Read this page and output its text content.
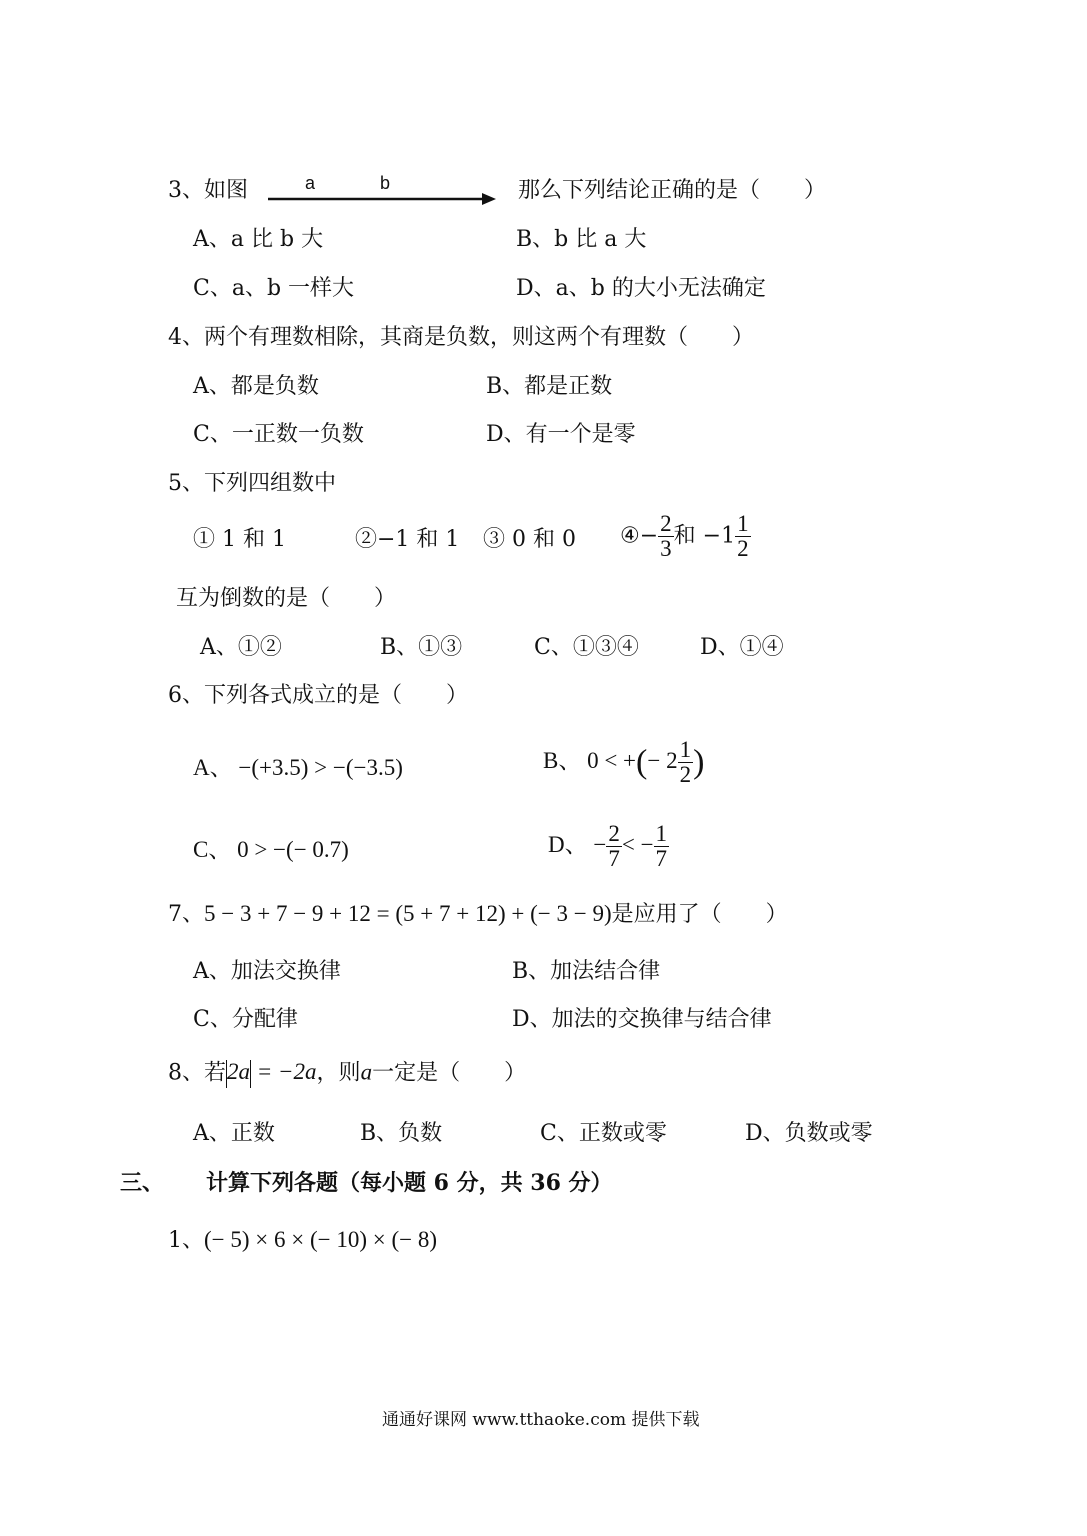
3、如图	a	b	那么下列结论正确的是（　　）
A、a 比 b 大	B、b 比 a 大
C、a、b 一样大	D、a、b 的大小无法确定
4、两个有理数相除，其商是负数，则这两个有理数（　　）
A、都是负数	B、都是正数
C、一正数一负数	D、有一个是零
5、下列四组数中
① 1 和 1	②−1 和 1 ③ 0 和 0 ④− $\frac{2}{3}$ 和 $-1 \frac{1}{2}$
互为倒数的是（　　）
A、①②	B、①③	C、①③④	D、①④
6、下列各式成立的是（　　）
A、 −(+3.5) > −(−3.5)	B、 0 < +(− $2 \frac{1}{2}$ )
C、 0 > −(− 0.7)	D、 − $\frac{2}{7}$ < − $\frac{1}{7}$
7、5 − 3 + 7 − 9 + 12 = (5 + 7 + 12) + (− 3 − 9)是应用了（　　）
A、加法交换律	B、加法结合律
C、分配律	D、加法的交换律与结合律
8、若2a = −2a，则a一定是（　　）
A、正数	B、负数	C、正数或零	D、负数或零
三、 计算下列各题（每小题 6 分，共 36 分）
1、(− 5) × 6 × (− 10) × (− 8)
通通好课网 www.tthaoke.com 提供下载
